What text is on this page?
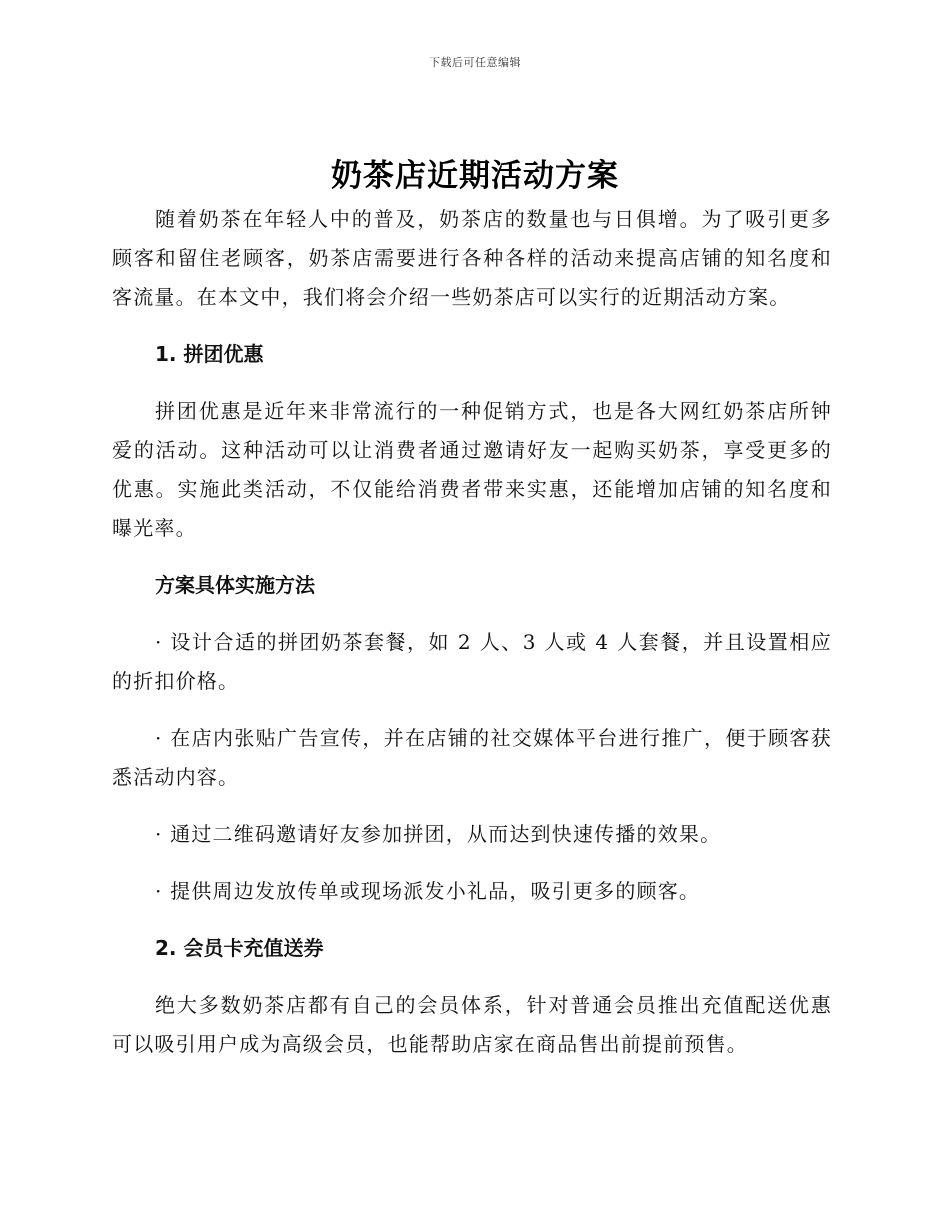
下载后可任意编辑
奶茶店近期活动方案

随着奶茶在年轻人中的普及，奶茶店的数量也与日俱增。为了吸引更多顾客和留住老顾客，奶茶店需要进行各种各样的活动来提高店铺的知名度和客流量。在本文中，我们将会介绍一些奶茶店可以实行的近期活动方案。

1. 拼团优惠

拼团优惠是近年来非常流行的一种促销方式，也是各大网红奶茶店所钟爱的活动。这种活动可以让消费者通过邀请好友一起购买奶茶，享受更多的优惠。实施此类活动，不仅能给消费者带来实惠，还能增加店铺的知名度和曝光率。

方案具体实施方法

· 设计合适的拼团奶茶套餐，如 2 人、3 人或 4 人套餐，并且设置相应的折扣价格。

· 在店内张贴广告宣传，并在店铺的社交媒体平台进行推广，便于顾客获悉活动内容。

· 通过二维码邀请好友参加拼团，从而达到快速传播的效果。

· 提供周边发放传单或现场派发小礼品，吸引更多的顾客。

2. 会员卡充值送券

绝大多数奶茶店都有自己的会员体系，针对普通会员推出充值配送优惠可以吸引用户成为高级会员，也能帮助店家在商品售出前提前预售。
